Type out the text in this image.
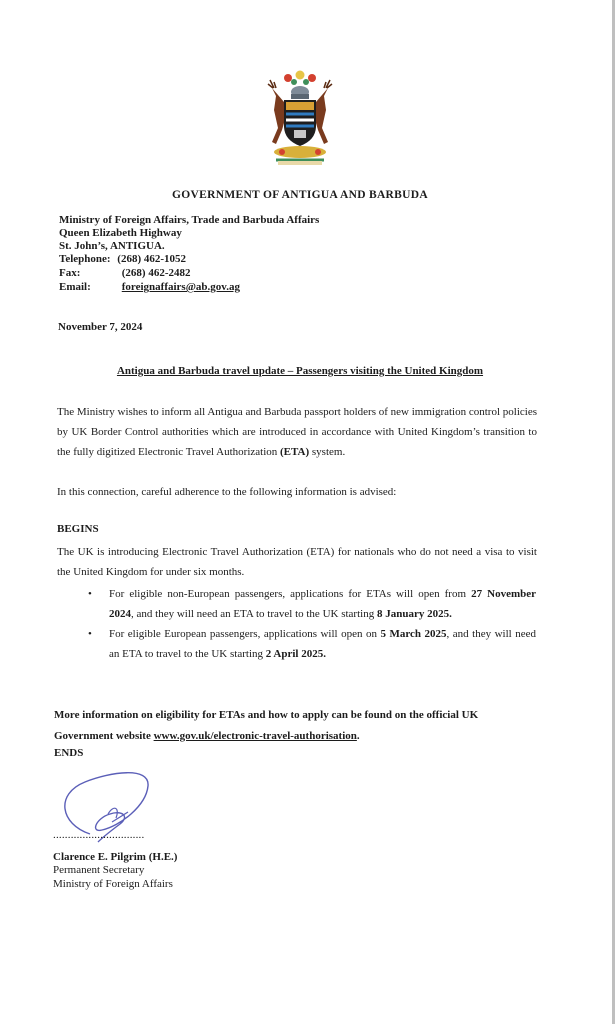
GOVERNMENT OF ANTIGUA AND BARBUDA
Ministry of Foreign Affairs, Trade and Barbuda Affairs
Queen Elizabeth Highway
St. John’s, ANTIGUA.
Telephone: (268) 462-1052
Fax:	(268) 462-2482
Email:	foreignaffairs@ab.gov.ag
November 7, 2024
Antigua and Barbuda travel update – Passengers visiting the United Kingdom
The Ministry wishes to inform all Antigua and Barbuda passport holders of new immigration control policies by UK Border Control authorities which are introduced in accordance with United Kingdom’s transition to the fully digitized Electronic Travel Authorization (ETA) system.
In this connection, careful adherence to the following information is advised:
BEGINS
The UK is introducing Electronic Travel Authorization (ETA) for nationals who do not need a visa to visit the United Kingdom for under six months.
• For eligible non-European passengers, applications for ETAs will open from 27 November 2024, and they will need an ETA to travel to the UK starting 8 January 2025.
• For eligible European passengers, applications will open on 5 March 2025, and they will need an ETA to travel to the UK starting 2 April 2025.
More information on eligibility for ETAs and how to apply can be found on the official UK Government website www.gov.uk/electronic-travel-authorisation.
ENDS
...............................
Clarence E. Pilgrim (H.E.)
Permanent Secretary
Ministry of Foreign Affairs
